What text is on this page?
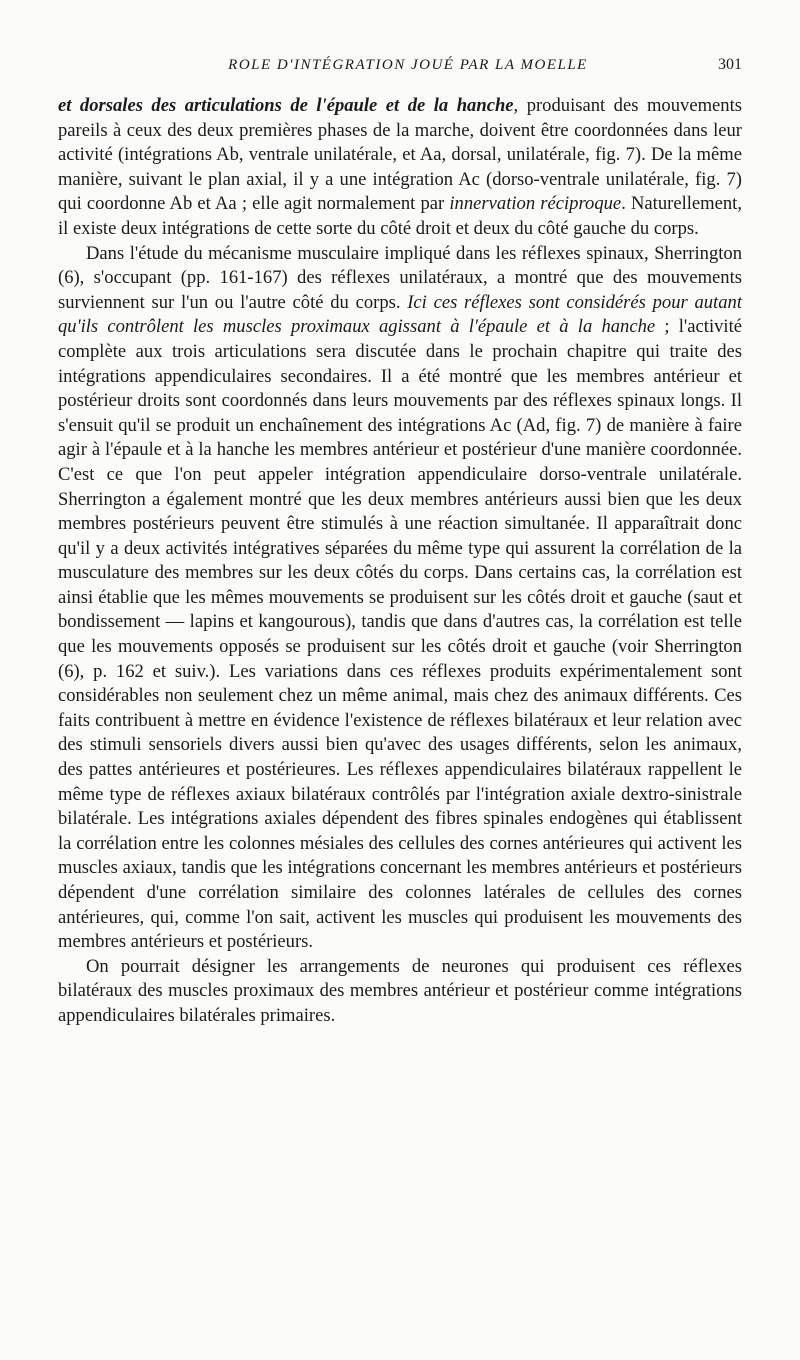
ROLE D'INTÉGRATION JOUÉ PAR LA MOELLE	301

et dorsales des articulations de l'épaule et de la hanche, produisant des mouvements pareils à ceux des deux premières phases de la marche, doivent être coordonnées dans leur activité (intégrations Ab, ventrale unilatérale, et Aa, dorsal, unilatérale, fig. 7). De la même manière, suivant le plan axial, il y a une intégration Ac (dorso-ventrale unilatérale, fig. 7) qui coordonne Ab et Aa ; elle agit normalement par innervation réciproque. Naturellement, il existe deux intégrations de cette sorte du côté droit et deux du côté gauche du corps.

Dans l'étude du mécanisme musculaire impliqué dans les réflexes spinaux, Sherrington (6), s'occupant (pp. 161-167) des réflexes unilatéraux, a montré que des mouvements surviennent sur l'un ou l'autre côté du corps. Ici ces réflexes sont considérés pour autant qu'ils contrôlent les muscles proximaux agissant à l'épaule et à la hanche ; l'activité complète aux trois articulations sera discutée dans le prochain chapitre qui traite des intégrations appendiculaires secondaires. Il a été montré que les membres antérieur et postérieur droits sont coordonnés dans leurs mouvements par des réflexes spinaux longs. Il s'ensuit qu'il se produit un enchaînement des intégrations Ac (Ad, fig. 7) de manière à faire agir à l'épaule et à la hanche les membres antérieur et postérieur d'une manière coordonnée. C'est ce que l'on peut appeler intégration appendiculaire dorso-ventrale unilatérale. Sherrington a également montré que les deux membres antérieurs aussi bien que les deux membres postérieurs peuvent être stimulés à une réaction simultanée. Il apparaîtrait donc qu'il y a deux activités intégratives séparées du même type qui assurent la corrélation de la musculature des membres sur les deux côtés du corps. Dans certains cas, la corrélation est ainsi établie que les mêmes mouvements se produisent sur les côtés droit et gauche (saut et bondissement — lapins et kangourous), tandis que dans d'autres cas, la corrélation est telle que les mouvements opposés se produisent sur les côtés droit et gauche (voir Sherrington (6), p. 162 et suiv.). Les variations dans ces réflexes produits expérimentalement sont considérables non seulement chez un même animal, mais chez des animaux différents. Ces faits contribuent à mettre en évidence l'existence de réflexes bilatéraux et leur relation avec des stimuli sensoriels divers aussi bien qu'avec des usages différents, selon les animaux, des pattes antérieures et postérieures. Les réflexes appendiculaires bilatéraux rappellent le même type de réflexes axiaux bilatéraux contrôlés par l'intégration axiale dextro-sinistrale bilatérale. Les intégrations axiales dépendent des fibres spinales endogènes qui établissent la corrélation entre les colonnes mésiales des cellules des cornes antérieures qui activent les muscles axiaux, tandis que les intégrations concernant les membres antérieurs et postérieurs dépendent d'une corrélation similaire des colonnes latérales de cellules des cornes antérieures, qui, comme l'on sait, activent les muscles qui produisent les mouvements des membres antérieurs et postérieurs.

On pourrait désigner les arrangements de neurones qui produisent ces réflexes bilatéraux des muscles proximaux des membres antérieur et postérieur comme intégrations appendiculaires bilatérales primaires.
